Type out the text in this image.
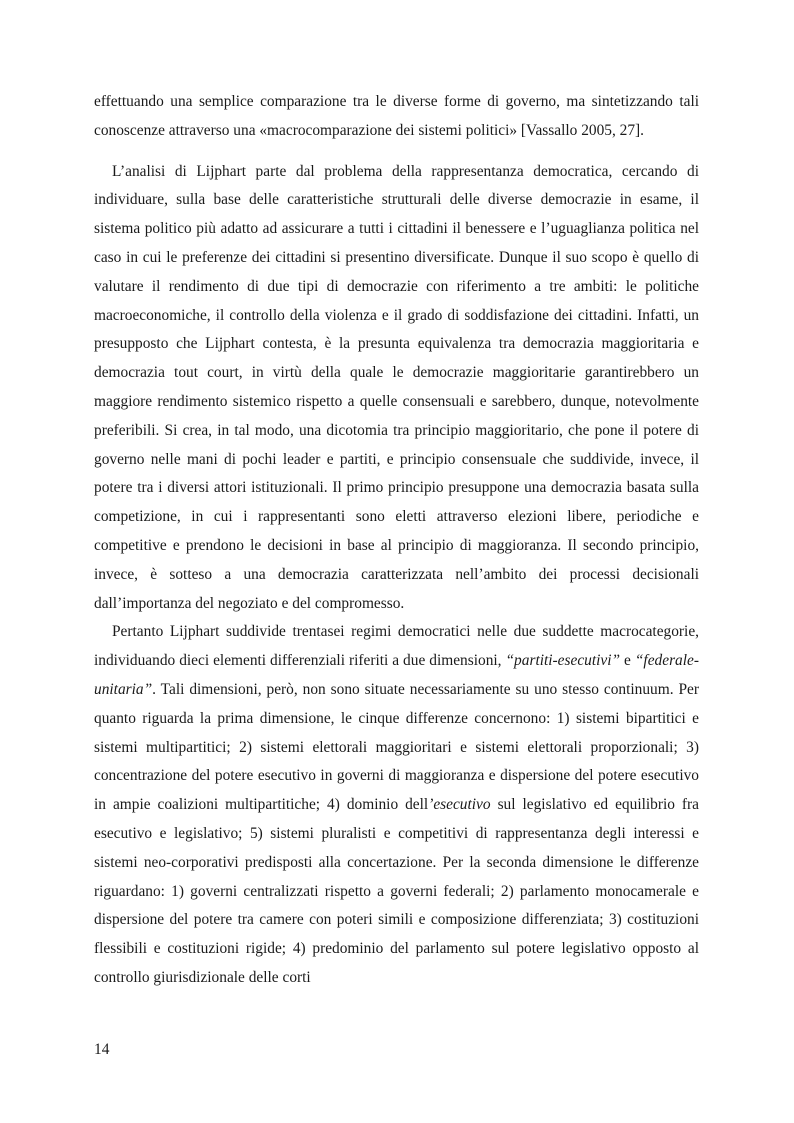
effettuando una semplice comparazione tra le diverse forme di governo, ma sintetizzando tali conoscenze attraverso una «macrocomparazione dei sistemi politici» [Vassallo 2005, 27].

L’analisi di Lijphart parte dal problema della rappresentanza democratica, cercando di individuare, sulla base delle caratteristiche strutturali delle diverse democrazie in esame, il sistema politico più adatto ad assicurare a tutti i cittadini il benessere e l’uguaglianza politica nel caso in cui le preferenze dei cittadini si presentino diversificate. Dunque il suo scopo è quello di valutare il rendimento di due tipi di democrazie con riferimento a tre ambiti: le politiche macroeconomiche, il controllo della violenza e il grado di soddisfazione dei cittadini. Infatti, un presupposto che Lijphart contesta, è la presunta equivalenza tra democrazia maggioritaria e democrazia tout court, in virtù della quale le democrazie maggioritarie garantirebbero un maggiore rendimento sistemico rispetto a quelle consensuali e sarebbero, dunque, notevolmente preferibili. Si crea, in tal modo, una dicotomia tra principio maggioritario, che pone il potere di governo nelle mani di pochi leader e partiti, e principio consensuale che suddivide, invece, il potere tra i diversi attori istituzionali. Il primo principio presuppone una democrazia basata sulla competizione, in cui i rappresentanti sono eletti attraverso elezioni libere, periodiche e competitive e prendono le decisioni in base al principio di maggioranza. Il secondo principio, invece, è sotteso a una democrazia caratterizzata nell’ambito dei processi decisionali dall’importanza del negoziato e del compromesso.

Pertanto Lijphart suddivide trentasei regimi democratici nelle due suddette macrocategorie, individuando dieci elementi differenziali riferiti a due dimensioni, “partiti-esecutivi” e “federale-unitaria”. Tali dimensioni, però, non sono situate necessariamente su uno stesso continuum. Per quanto riguarda la prima dimensione, le cinque differenze concernono: 1) sistemi bipartitici e sistemi multipartitici; 2) sistemi elettorali maggioritari e sistemi elettorali proporzionali; 3) concentrazione del potere esecutivo in governi di maggioranza e dispersione del potere esecutivo in ampie coalizioni multipartitiche; 4) dominio dell’esecutivo sul legislativo ed equilibrio fra esecutivo e legislativo; 5) sistemi pluralisti e competitivi di rappresentanza degli interessi e sistemi neo-corporativi predisposti alla concertazione. Per la seconda dimensione le differenze riguardano: 1) governi centralizzati rispetto a governi federali; 2) parlamento monocamerale e dispersione del potere tra camere con poteri simili e composizione differenziata; 3) costituzioni flessibili e costituzioni rigide; 4) predominio del parlamento sul potere legislativo opposto al controllo giurisdizionale delle corti

14
